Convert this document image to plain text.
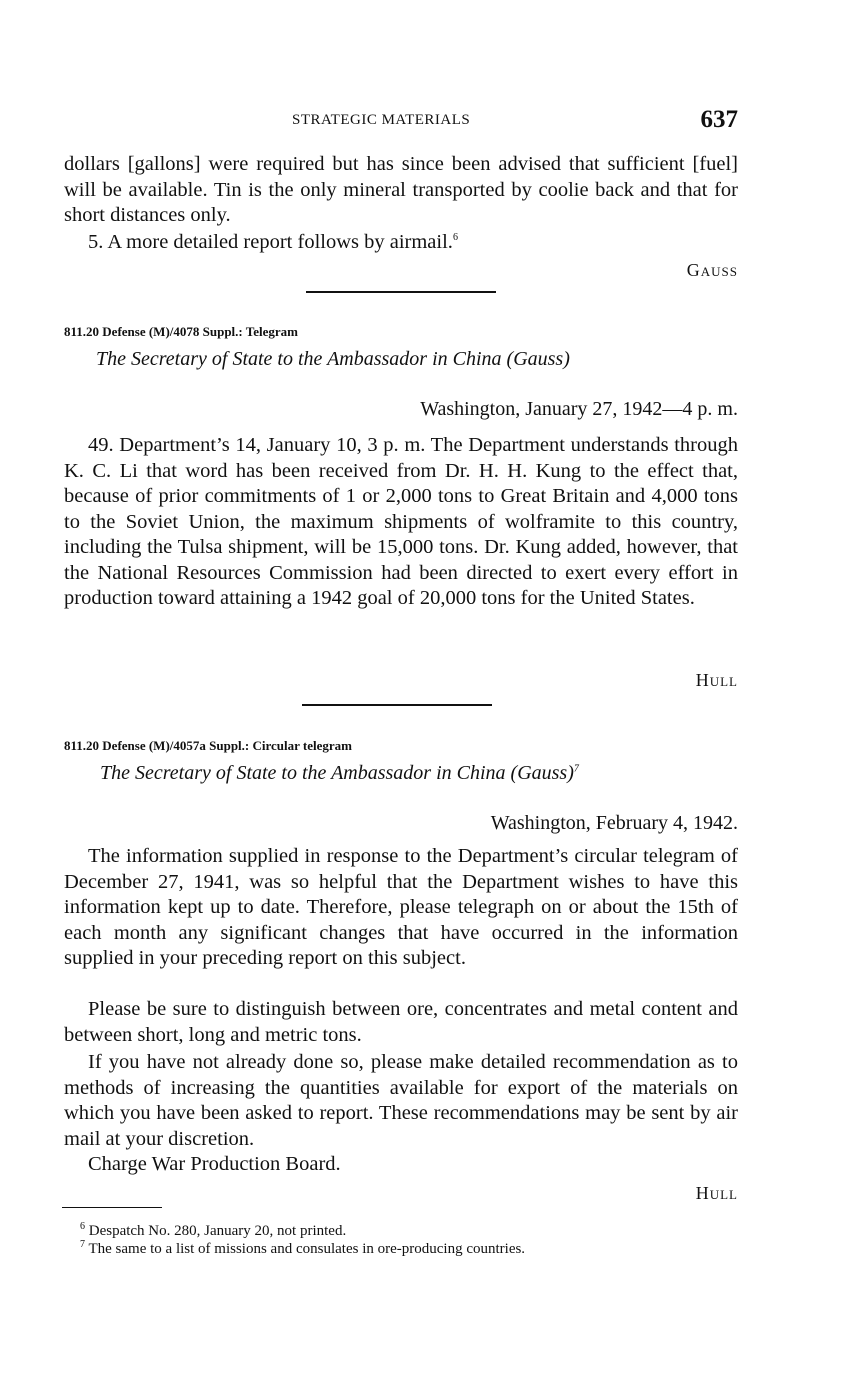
STRATEGIC MATERIALS	637
dollars [gallons] were required but has since been advised that sufficient [fuel] will be available. Tin is the only mineral transported by coolie back and that for short distances only.
5. A more detailed report follows by airmail.$^6$
Gauss
811.20 Defense (M)/4078 Suppl.: Telegram
The Secretary of State to the Ambassador in China (Gauss)
Washington, January 27, 1942—4 p. m.
49. Department’s 14, January 10, 3 p. m. The Department understands through K. C. Li that word has been received from Dr. H. H. Kung to the effect that, because of prior commitments of 1 or 2,000 tons to Great Britain and 4,000 tons to the Soviet Union, the maximum shipments of wolframite to this country, including the Tulsa shipment, will be 15,000 tons. Dr. Kung added, however, that the National Resources Commission had been directed to exert every effort in production toward attaining a 1942 goal of 20,000 tons for the United States.
Hull
811.20 Defense (M)/4057a Suppl.: Circular telegram
The Secretary of State to the Ambassador in China (Gauss)$^7$
Washington, February 4, 1942.
The information supplied in response to the Department’s circular telegram of December 27, 1941, was so helpful that the Department wishes to have this information kept up to date. Therefore, please telegraph on or about the 15th of each month any significant changes that have occurred in the information supplied in your preceding report on this subject.
Please be sure to distinguish between ore, concentrates and metal content and between short, long and metric tons.
If you have not already done so, please make detailed recommendation as to methods of increasing the quantities available for export of the materials on which you have been asked to report. These recommendations may be sent by air mail at your discretion.
Charge War Production Board.
Hull
$^6$ Despatch No. 280, January 20, not printed.
$^7$ The same to a list of missions and consulates in ore-producing countries.
